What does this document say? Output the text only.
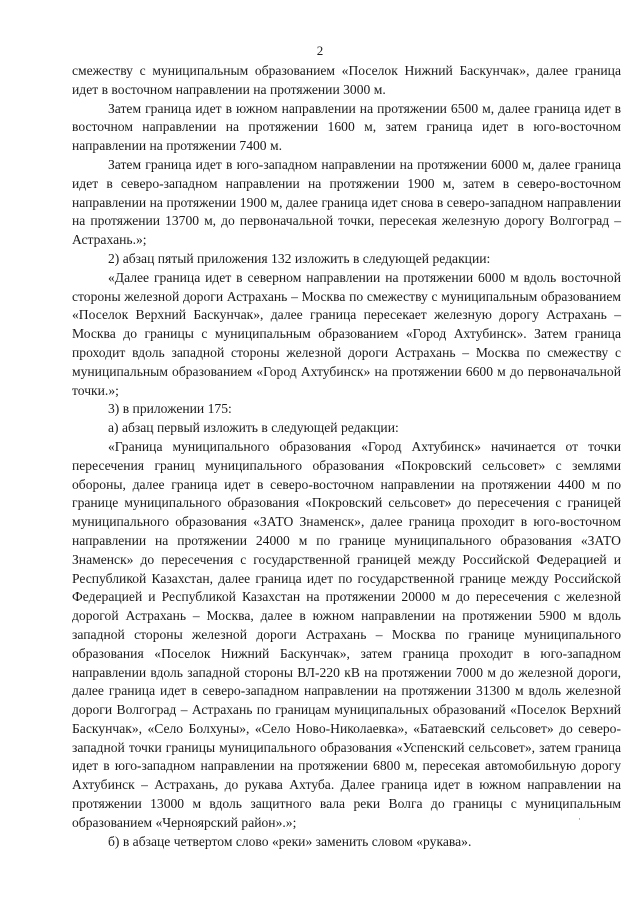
2

смежеству с муниципальным образованием «Поселок Нижний Баскунчак», далее граница идет в восточном направлении на протяжении 3000 м.

Затем граница идет в южном направлении на протяжении 6500 м, далее граница идет в восточном направлении на протяжении 1600 м, затем граница идет в юго-восточном направлении на протяжении 7400 м.

Затем граница идет в юго-западном направлении на протяжении 6000 м, далее граница идет в северо-западном направлении на протяжении 1900 м, затем в северо-восточном направлении на протяжении 1900 м, далее граница идет снова в северо-западном направлении на протяжении 13700 м, до первоначальной точки, пересекая железную дорогу Волгоград – Астрахань.»;

2) абзац пятый приложения 132 изложить в следующей редакции:

«Далее граница идет в северном направлении на протяжении 6000 м вдоль восточной стороны железной дороги Астрахань – Москва по смежеству с муниципальным образованием «Поселок Верхний Баскунчак», далее граница пересекает железную дорогу Астрахань – Москва до границы с муниципальным образованием «Город Ахтубинск». Затем граница проходит вдоль западной стороны железной дороги Астрахань – Москва по смежеству с муниципальным образованием «Город Ахтубинск» на протяжении 6600 м до первоначальной точки.»;

3) в приложении 175:

а) абзац первый изложить в следующей редакции:

«Граница муниципального образования «Город Ахтубинск» начинается от точки пересечения границ муниципального образования «Покровский сельсовет» с землями обороны, далее граница идет в северо-восточном направлении на протяжении 4400 м по границе муниципального образования «Покровский сельсовет» до пересечения с границей муниципального образования «ЗАТО Знаменск», далее граница проходит в юго-восточном направлении на протяжении 24000 м по границе муниципального образования «ЗАТО Знаменск» до пересечения с государственной границей между Российской Федерацией и Республикой Казахстан, далее граница идет по государственной границе между Российской Федерацией и Республикой Казахстан на протяжении 20000 м до пересечения с железной дорогой Астрахань – Москва, далее в южном направлении на протяжении 5900 м вдоль западной стороны железной дороги Астрахань – Москва по границе муниципального образования «Поселок Нижний Баскунчак», затем граница проходит в юго-западном направлении вдоль западной стороны ВЛ-220 кВ на протяжении 7000 м до железной дороги, далее граница идет в северо-западном направлении на протяжении 31300 м вдоль железной дороги Волгоград – Астрахань по границам муниципальных образований «Поселок Верхний Баскунчак», «Село Болхуны», «Село Ново-Николаевка», «Батаевский сельсовет» до северо-западной точки границы муниципального образования «Успенский сельсовет», затем граница идет в юго-западном направлении на протяжении 6800 м, пересекая автомобильную дорогу Ахтубинск – Астрахань, до рукава Ахтуба. Далее граница идет в южном направлении на протяжении 13000 м вдоль защитного вала реки Волга до границы с муниципальным образованием «Черноярский район».»;

б) в абзаце четвертом слово «реки» заменить словом «рукава».

·
